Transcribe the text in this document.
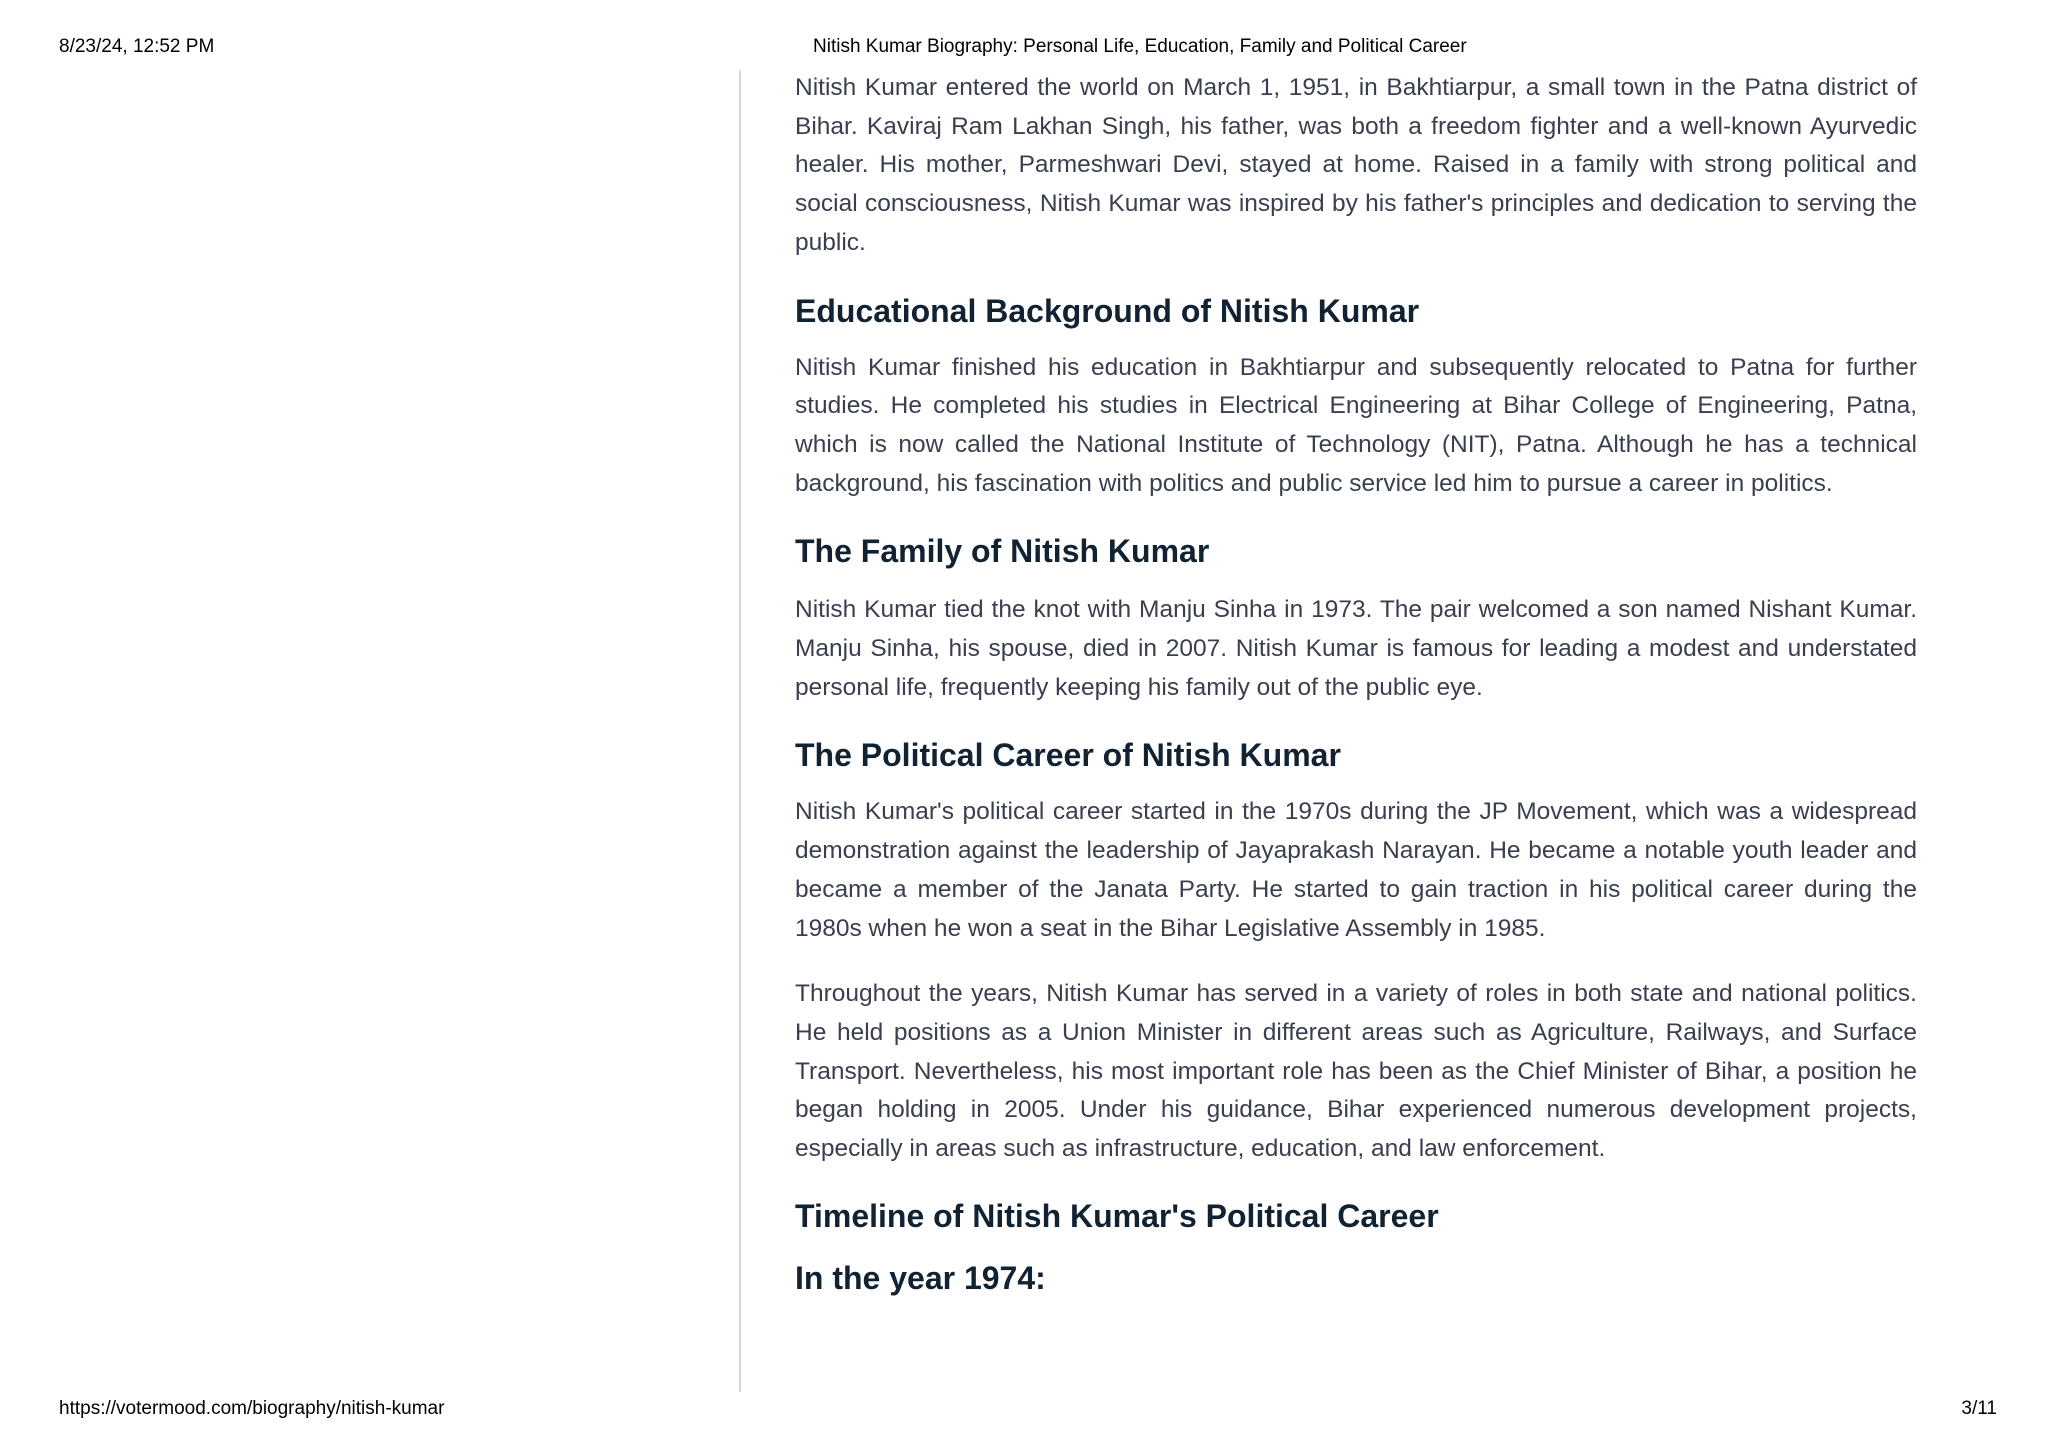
8/23/24, 12:52 PM	Nitish Kumar Biography: Personal Life, Education, Family and Political Career

Nitish Kumar entered the world on March 1, 1951, in Bakhtiarpur, a small town in the Patna district of Bihar. Kaviraj Ram Lakhan Singh, his father, was both a freedom fighter and a well-known Ayurvedic healer. His mother, Parmeshwari Devi, stayed at home. Raised in a family with strong political and social consciousness, Nitish Kumar was inspired by his father's principles and dedication to serving the public.

Educational Background of Nitish Kumar

Nitish Kumar finished his education in Bakhtiarpur and subsequently relocated to Patna for further studies. He completed his studies in Electrical Engineering at Bihar College of Engineering, Patna, which is now called the National Institute of Technology (NIT), Patna. Although he has a technical background, his fascination with politics and public service led him to pursue a career in politics.

The Family of Nitish Kumar

Nitish Kumar tied the knot with Manju Sinha in 1973. The pair welcomed a son named Nishant Kumar. Manju Sinha, his spouse, died in 2007. Nitish Kumar is famous for leading a modest and understated personal life, frequently keeping his family out of the public eye.

The Political Career of Nitish Kumar

Nitish Kumar's political career started in the 1970s during the JP Movement, which was a widespread demonstration against the leadership of Jayaprakash Narayan. He became a notable youth leader and became a member of the Janata Party. He started to gain traction in his political career during the 1980s when he won a seat in the Bihar Legislative Assembly in 1985.

Throughout the years, Nitish Kumar has served in a variety of roles in both state and national politics. He held positions as a Union Minister in different areas such as Agriculture, Railways, and Surface Transport. Nevertheless, his most important role has been as the Chief Minister of Bihar, a position he began holding in 2005. Under his guidance, Bihar experienced numerous development projects, especially in areas such as infrastructure, education, and law enforcement.

Timeline of Nitish Kumar's Political Career
In the year 1974:
https://votermood.com/biography/nitish-kumar	3/11
